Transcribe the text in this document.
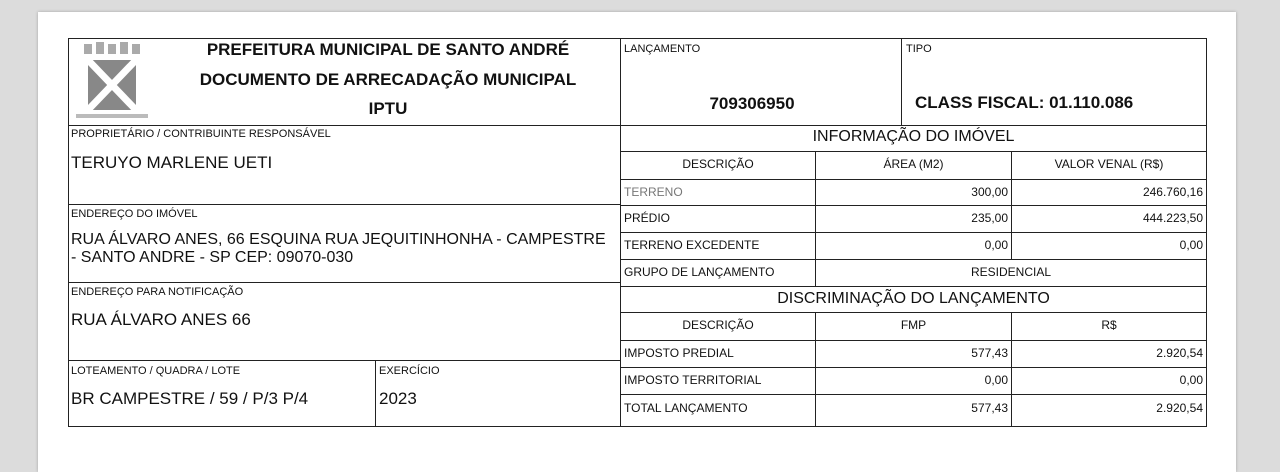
PREFEITURA MUNICIPAL DE SANTO ANDRÉ
DOCUMENTO DE ARRECADAÇÃO MUNICIPAL
IPTU
LANÇAMENTO
709306950
TIPO
CLASS FISCAL: 01.110.086
PROPRIETÁRIO / CONTRIBUINTE RESPONSÁVEL
TERUYO MARLENE UETI
ENDEREÇO DO IMÓVEL
RUA ÁLVARO ANES, 66 ESQUINA RUA JEQUITINHONHA - CAMPESTRE
- SANTO ANDRE - SP CEP: 09070-030
ENDEREÇO PARA NOTIFICAÇÃO
RUA ÁLVARO ANES 66
LOTEAMENTO / QUADRA / LOTE
BR CAMPESTRE / 59 / P/3 P/4
EXERCÍCIO
2023
INFORMAÇÃO DO IMÓVEL
DESCRIÇÃO	ÁREA (M2)	VALOR VENAL (R$)
TERRENO	300,00	246.760,16
PRÉDIO	235,00	444.223,50
TERRENO EXCEDENTE	0,00	0,00
GRUPO DE LANÇAMENTO	RESIDENCIAL
DISCRIMINAÇÃO DO LANÇAMENTO
DESCRIÇÃO	FMP	R$
IMPOSTO PREDIAL	577,43	2.920,54
IMPOSTO TERRITORIAL	0,00	0,00
TOTAL LANÇAMENTO	577,43	2.920,54
